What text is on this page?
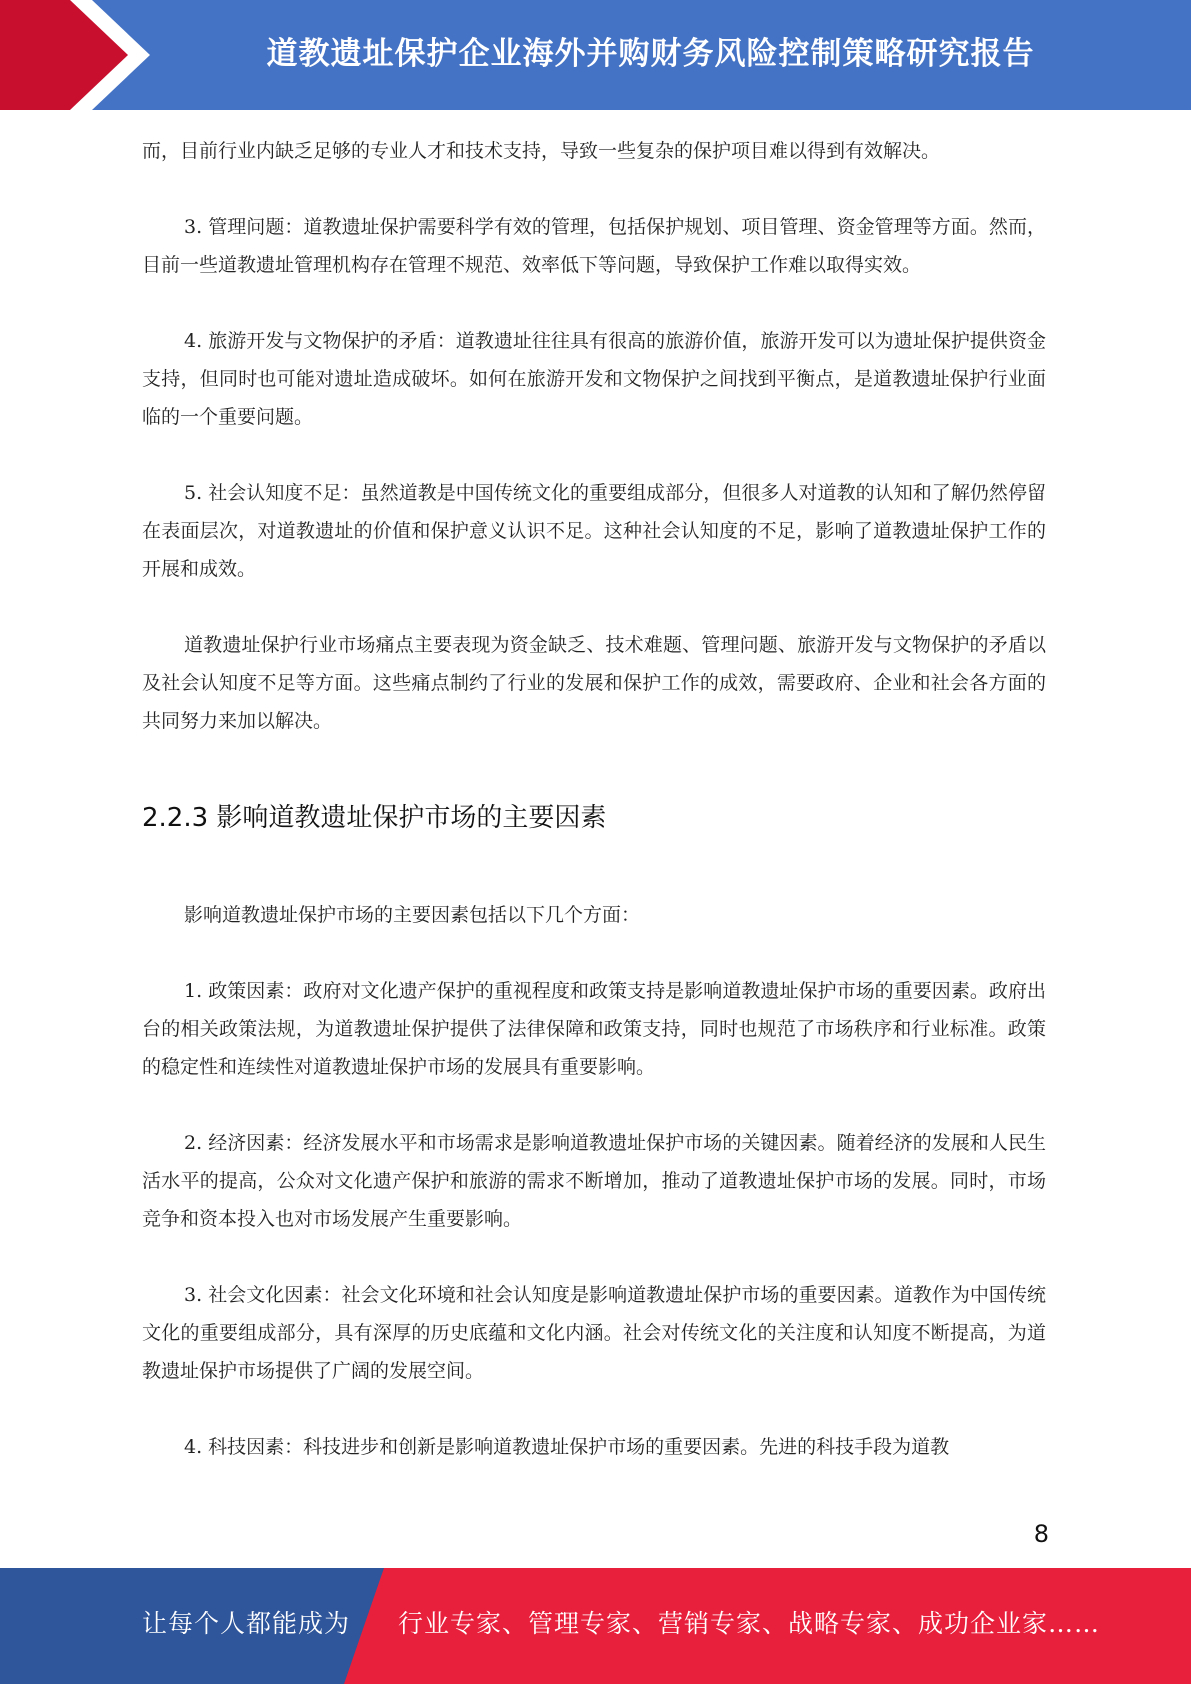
道教遗址保护企业海外并购财务风险控制策略研究报告

而，目前行业内缺乏足够的专业人才和技术支持，导致一些复杂的保护项目难以得到有效解决。

3. 管理问题：道教遗址保护需要科学有效的管理，包括保护规划、项目管理、资金管理等方面。然而，目前一些道教遗址管理机构存在管理不规范、效率低下等问题，导致保护工作难以取得实效。

4. 旅游开发与文物保护的矛盾：道教遗址往往具有很高的旅游价值，旅游开发可以为遗址保护提供资金支持，但同时也可能对遗址造成破坏。如何在旅游开发和文物保护之间找到平衡点，是道教遗址保护行业面临的一个重要问题。

5. 社会认知度不足：虽然道教是中国传统文化的重要组成部分，但很多人对道教的认知和了解仍然停留在表面层次，对道教遗址的价值和保护意义认识不足。这种社会认知度的不足，影响了道教遗址保护工作的开展和成效。

道教遗址保护行业市场痛点主要表现为资金缺乏、技术难题、管理问题、旅游开发与文物保护的矛盾以及社会认知度不足等方面。这些痛点制约了行业的发展和保护工作的成效，需要政府、企业和社会各方面的共同努力来加以解决。

2.2.3 影响道教遗址保护市场的主要因素

影响道教遗址保护市场的主要因素包括以下几个方面：

1. 政策因素：政府对文化遗产保护的重视程度和政策支持是影响道教遗址保护市场的重要因素。政府出台的相关政策法规，为道教遗址保护提供了法律保障和政策支持，同时也规范了市场秩序和行业标准。政策的稳定性和连续性对道教遗址保护市场的发展具有重要影响。

2. 经济因素：经济发展水平和市场需求是影响道教遗址保护市场的关键因素。随着经济的发展和人民生活水平的提高，公众对文化遗产保护和旅游的需求不断增加，推动了道教遗址保护市场的发展。同时，市场竞争和资本投入也对市场发展产生重要影响。

3. 社会文化因素：社会文化环境和社会认知度是影响道教遗址保护市场的重要因素。道教作为中国传统文化的重要组成部分，具有深厚的历史底蕴和文化内涵。社会对传统文化的关注度和认知度不断提高，为道教遗址保护市场提供了广阔的发展空间。

4. 科技因素：科技进步和创新是影响道教遗址保护市场的重要因素。先进的科技手段为道教

8
让每个人都能成为 行业专家、管理专家、营销专家、战略专家、成功企业家……
